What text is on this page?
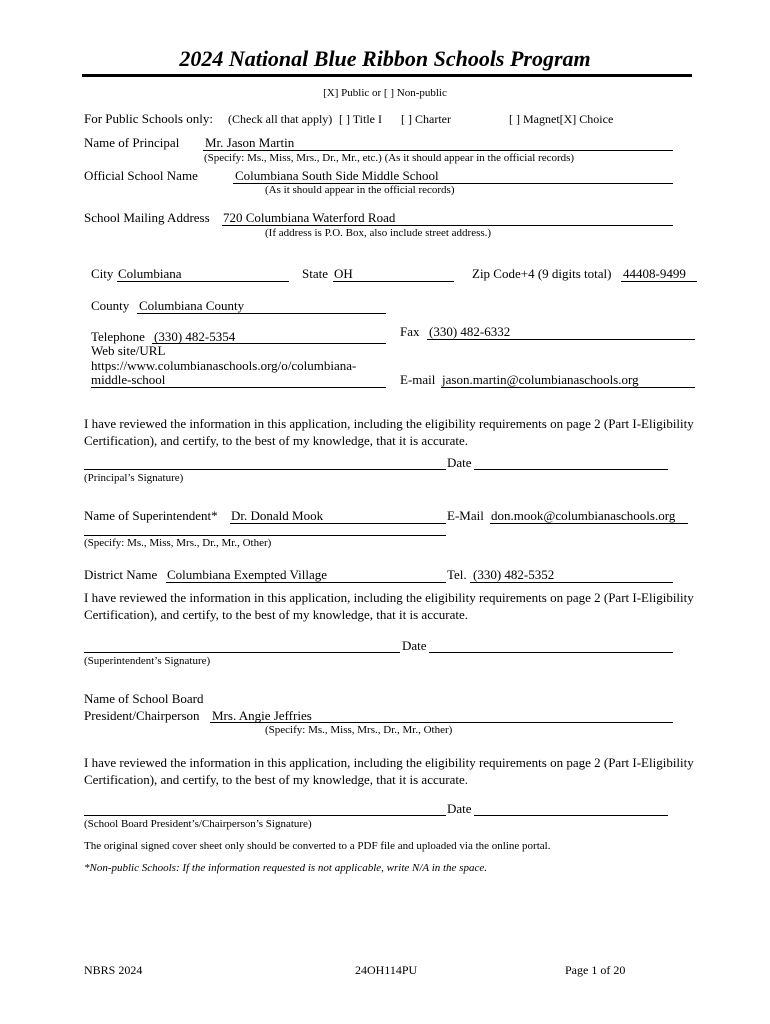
2024 National Blue Ribbon Schools Program
[X] Public or [ ] Non-public
For Public Schools only: (Check all that apply) [ ] Title I [ ] Charter	[ ] Magnet[X] Choice
Name of Principal Mr. Jason Martin
(Specify: Ms., Miss, Mrs., Dr., Mr., etc.) (As it should appear in the official records)
Official School Name	Columbiana South Side Middle School
(As it should appear in the official records)
School Mailing Address 720 Columbiana Waterford Road
(If address is P.O. Box, also include street address.)
City Columbiana	State OH	Zip Code+4 (9 digits total) 44408-9499
County Columbiana County
Telephone (330) 482-5354	Fax (330) 482-6332
Web site/URL
https://www.columbianaschools.org/o/columbiana-
middle-school	E-mail jason.martin@columbianaschools.org
I have reviewed the information in this application, including the eligibility requirements on page 2 (Part I-Eligibility Certification), and certify, to the best of my knowledge, that it is accurate.
Date
(Principal’s Signature)
Name of Superintendent* Dr. Donald Mook	E-Mail don.mook@columbianaschools.org
(Specify: Ms., Miss, Mrs., Dr., Mr., Other)
District Name Columbiana Exempted Village	Tel. (330) 482-5352
I have reviewed the information in this application, including the eligibility requirements on page 2 (Part I-Eligibility Certification), and certify, to the best of my knowledge, that it is accurate.
Date
(Superintendent’s Signature)
Name of School Board
President/Chairperson Mrs. Angie Jeffries
(Specify: Ms., Miss, Mrs., Dr., Mr., Other)
I have reviewed the information in this application, including the eligibility requirements on page 2 (Part I-Eligibility Certification), and certify, to the best of my knowledge, that it is accurate.
Date
(School Board President’s/Chairperson’s Signature)
The original signed cover sheet only should be converted to a PDF file and uploaded via the online portal.
*Non-public Schools: If the information requested is not applicable, write N/A in the space.
NBRS 2024	24OH114PU	Page 1 of 20
